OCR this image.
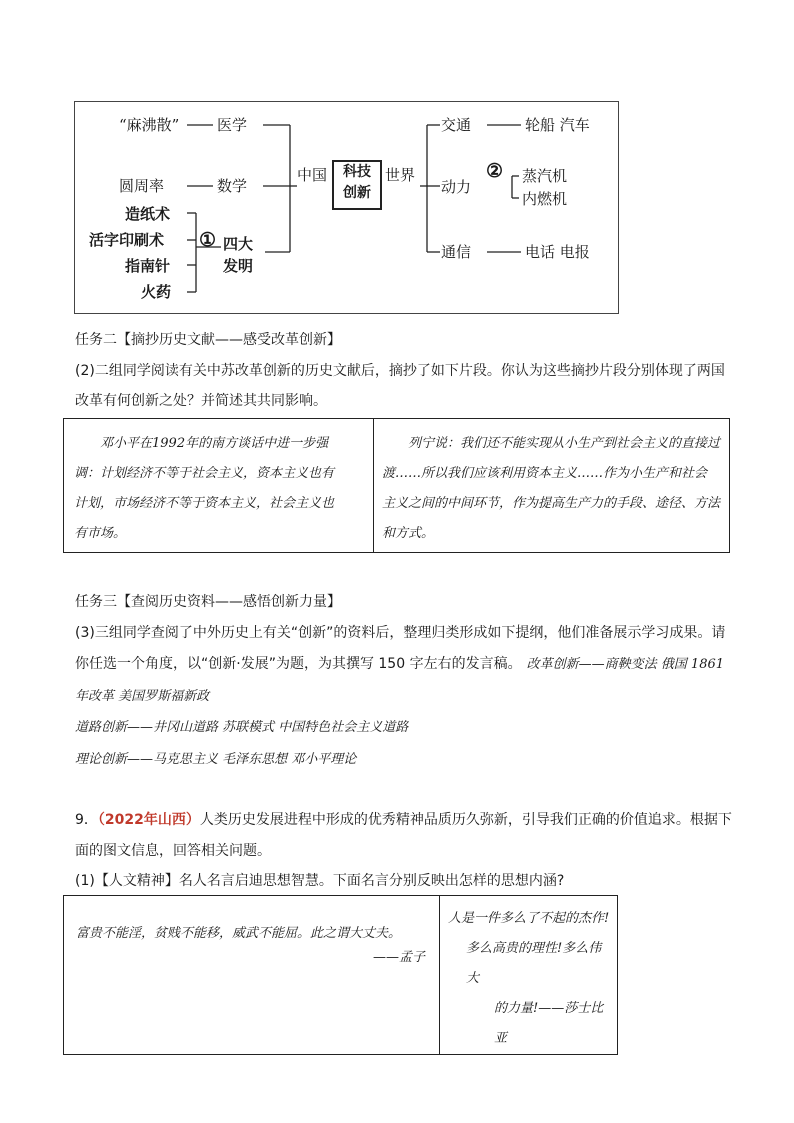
“麻沸散”	医学
圆周率	数学
造纸术
活字印刷术
指南针
火药
① 四大
发明
中国	科技
创新
世界
交通	轮船 汽车
动力
② 蒸汽机
内燃机
通信	电话 电报
任务二【摘抄历史文献——感受改革创新】
(2)二组同学阅读有关中苏改革创新的历史文献后，摘抄了如下片段。你认为这些摘抄片段分别体现了两国
改革有何创新之处？并简述其共同影响。
邓小平在1992年的南方谈话中进一步强
调：计划经济不等于社会主义，资本主义也有
计划，市场经济不等于资本主义，社会主义也
有市场。

列宁说：我们还不能实现从小生产到社会主义的直接过
渡……所以我们应该利用资本主义……作为小生产和社会
主义之间的中间环节，作为提高生产力的手段、途径、方法
和方式。
任务三【查阅历史资料——感悟创新力量】
(3)三组同学查阅了中外历史上有关“创新”的资料后，整理归类形成如下提纲，他们准备展示学习成果。请
你任选一个角度，以“创新·发展”为题，为其撰写 150 字左右的发言稿。 改革创新——商鞅变法 俄国 1861
年改革 美国罗斯福新政
道路创新——井冈山道路 苏联模式 中国特色社会主义道路
理论创新——马克思主义 毛泽东思想 邓小平理论
9．（2022年山西）人类历史发展进程中形成的优秀精神品质历久弥新，引导我们正确的价值追求。根据下
面的图文信息，回答相关问题。
(1)【人文精神】名人名言启迪思想智慧。下面名言分别反映出怎样的思想内涵?
富贵不能淫，贫贱不能移，威武不能屈。此之谓大丈夫。
——孟子

人是一件多么了不起的杰作!
多么高贵的理性!多么伟大
的力量!——莎士比亚
